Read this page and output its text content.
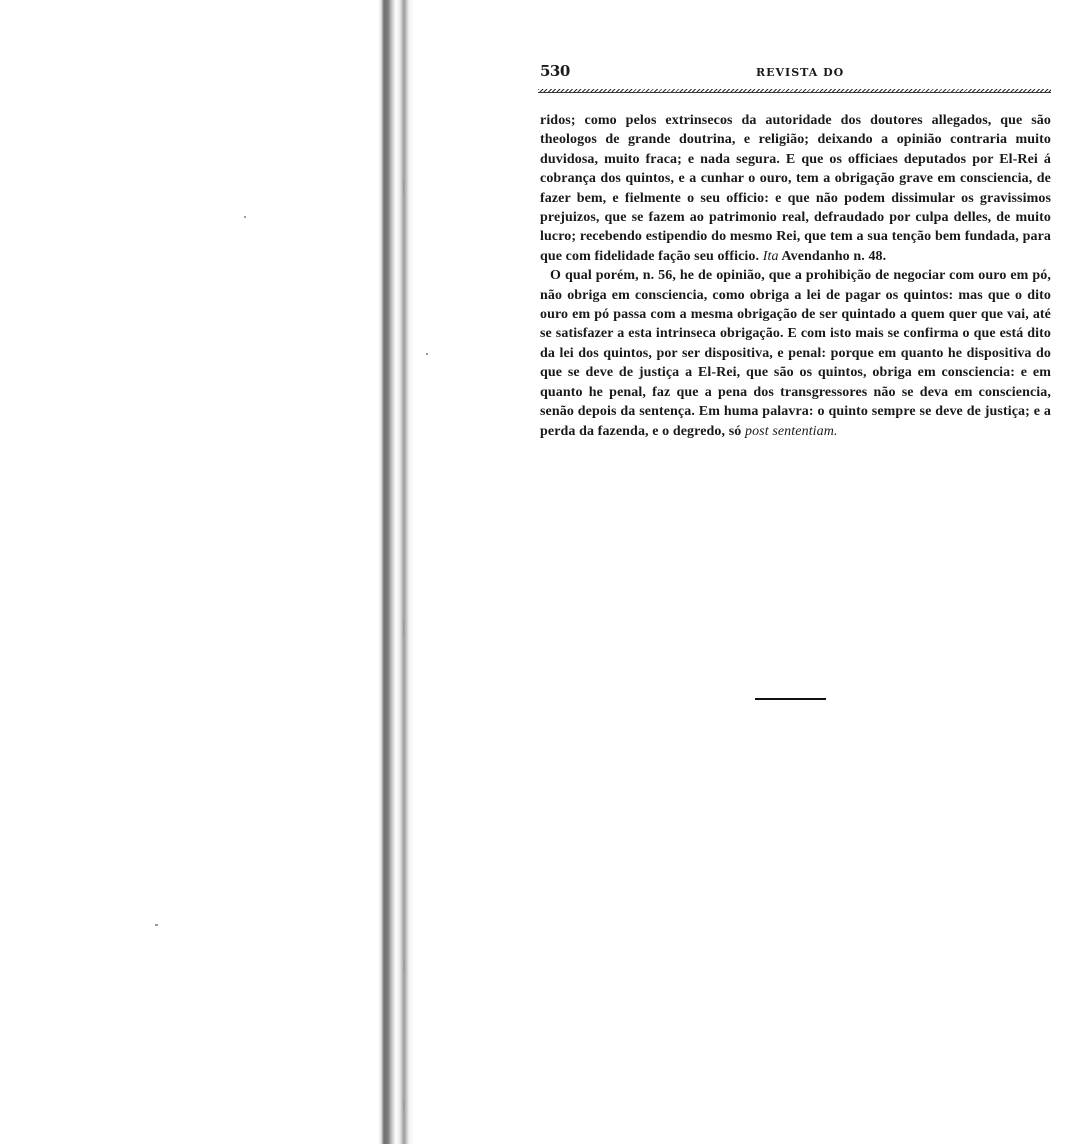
530	REVISTA DO

ridos; como pelos extrinsecos da autoridade dos doutores allegados, que são theologos de grande doutrina, e religião; deixando a opinião contraria muito duvidosa, muito fraca; e nada segura. E que os officiaes deputados por El-Rei á cobrança dos quintos, e a cunhar o ouro, tem a obrigação grave em consciencia, de fazer bem, e fielmente o seu officio: e que não podem dissimular os gravissimos prejuizos, que se fazem ao patrimonio real, defraudado por culpa delles, de muito lucro; recebendo estipendio do mesmo Rei, que tem a sua tenção bem fundada, para que com fidelidade fação seu officio. Ita Avendanho n. 48.

O qual porém, n. 56, he de opinião, que a prohibição de negociar com ouro em pó, não obriga em consciencia, como obriga a lei de pagar os quintos: mas que o dito ouro em pó passa com a mesma obrigação de ser quintado a quem quer que vai, até se satisfazer a esta intrinseca obrigação. E com isto mais se confirma o que está dito da lei dos quintos, por ser dispositiva, e penal: porque em quanto he dispositiva do que se deve de justiça a El-Rei, que são os quintos, obriga em consciencia: e em quanto he penal, faz que a pena dos transgressores não se deva em consciencia, senão depois da sentença. Em huma palavra: o quinto sempre se deve de justiça; e a perda da fazenda, e o degredo, só post sententiam.
